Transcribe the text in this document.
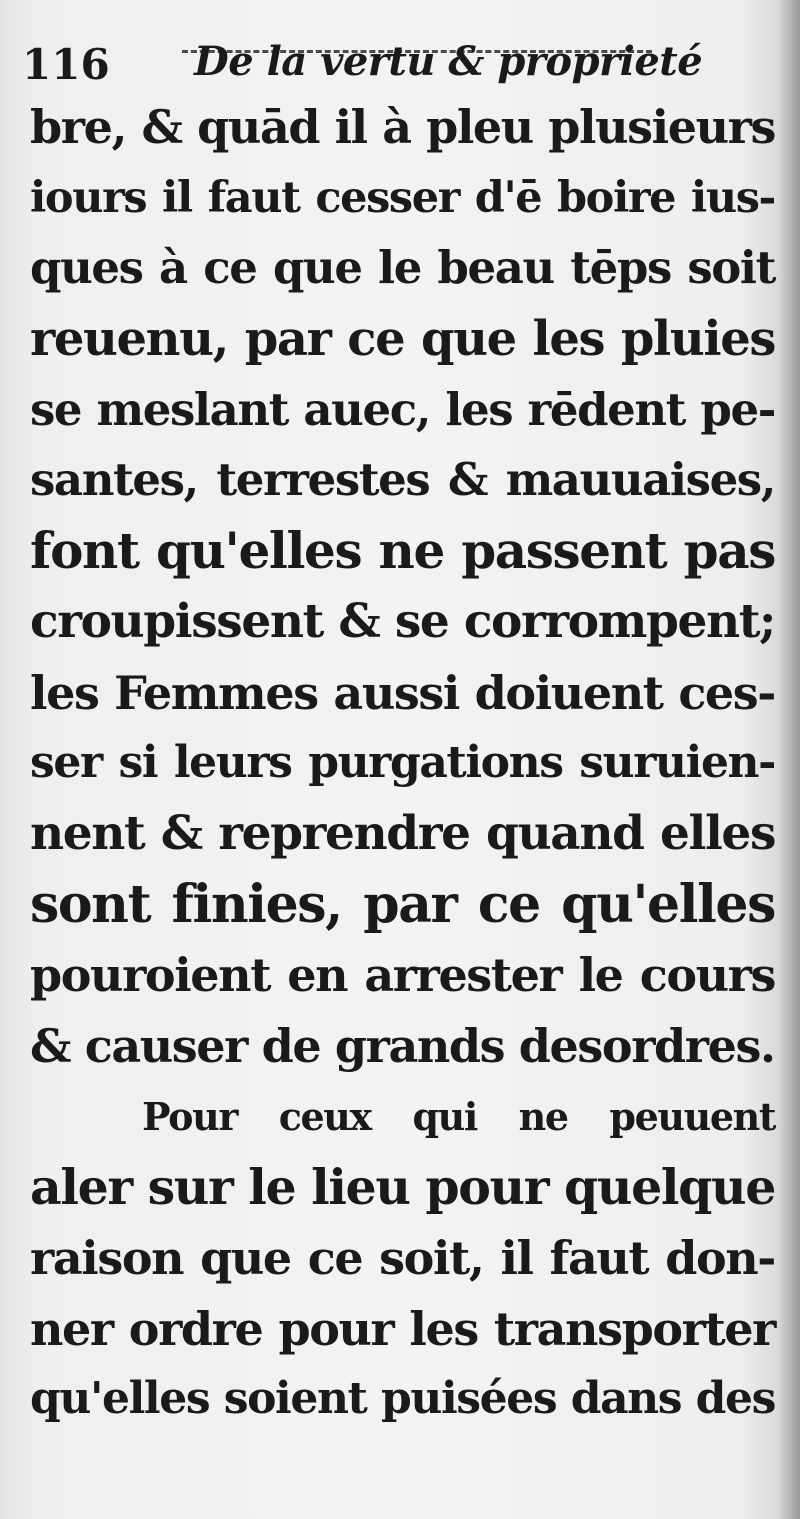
116 De la vertu & proprieté
bre, & quād il à pleu plusieurs
iours il faut cesser d'ē boire ius-
ques à ce que le beau tēps soit
reuenu, par ce que les pluies
se meslant auec, les rēdent pe-
santes, terrestes & mauuaises,
font qu'elles ne passent pas
croupissent & se corrompent;
les Femmes aussi doiuent ces-
ser si leurs purgations suruien-
nent & reprendre quand elles
sont finies, par ce qu'elles
pouroient en arrester le cours
& causer de grands desordres.
Pour ceux qui ne peuuent
aler sur le lieu pour quelque
raison que ce soit, il faut don-
ner ordre pour les transporter
qu'elles soient puisées dans des
